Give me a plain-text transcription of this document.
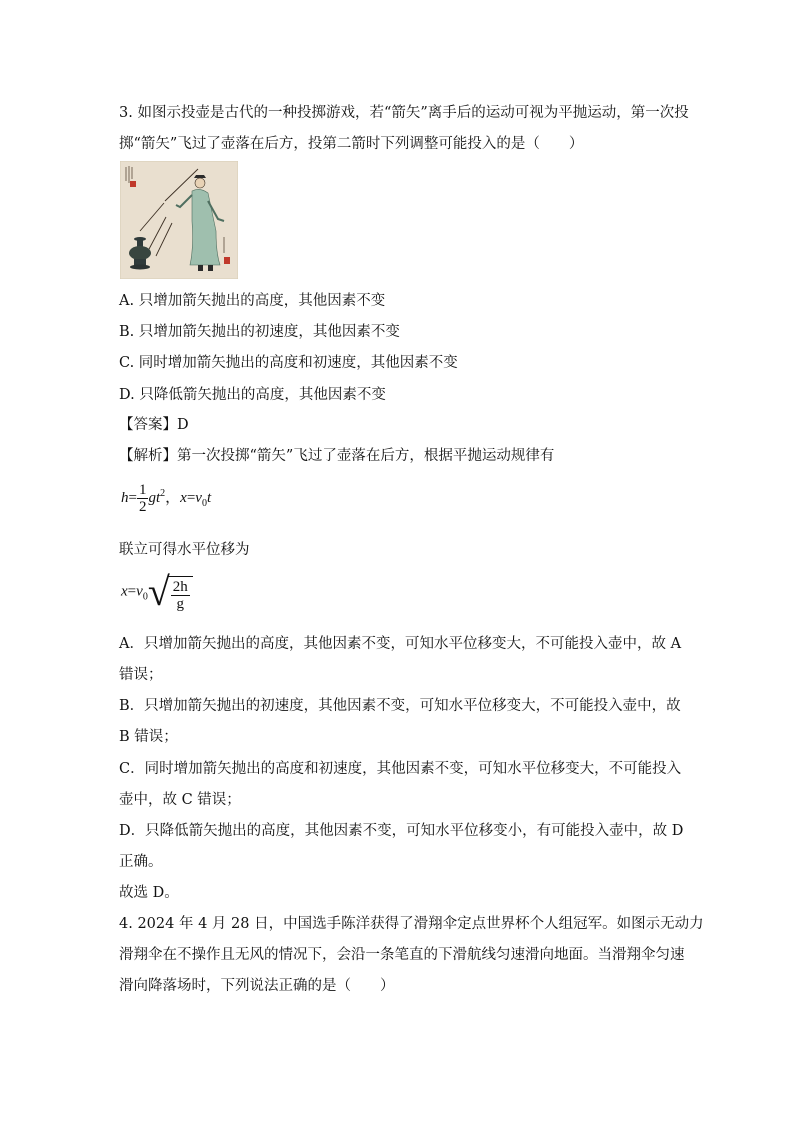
3. 如图示投壶是古代的一种投掷游戏，若“箭矢”离手后的运动可视为平抛运动，第一次投
掷“箭矢”飞过了壶落在后方，投第二箭时下列调整可能投入的是（　　）
A. 只增加箭矢抛出的高度，其他因素不变
B. 只增加箭矢抛出的初速度，其他因素不变
C. 同时增加箭矢抛出的高度和初速度，其他因素不变
D. 只降低箭矢抛出的高度，其他因素不变
【答案】D
【解析】第一次投掷“箭矢”飞过了壶落在后方，根据平抛运动规律有
$h= \frac{1}{2} gt^2$，$x=v_0t$
联立可得水平位移为
$x=v_0$ √ $\frac{2h}{g}$
A．只增加箭矢抛出的高度，其他因素不变，可知水平位移变大，不可能投入壶中，故 A
错误；
B．只增加箭矢抛出的初速度，其他因素不变，可知水平位移变大，不可能投入壶中，故
B 错误；
C．同时增加箭矢抛出的高度和初速度，其他因素不变，可知水平位移变大，不可能投入
壶中，故 C 错误；
D．只降低箭矢抛出的高度，其他因素不变，可知水平位移变小，有可能投入壶中，故 D
正确。
故选 D。
4. 2024 年 4 月 28 日，中国选手陈洋获得了滑翔伞定点世界杯个人组冠军。如图示无动力
滑翔伞在不操作且无风的情况下，会沿一条笔直的下滑航线匀速滑向地面。当滑翔伞匀速
滑向降落场时，下列说法正确的是（　　）
